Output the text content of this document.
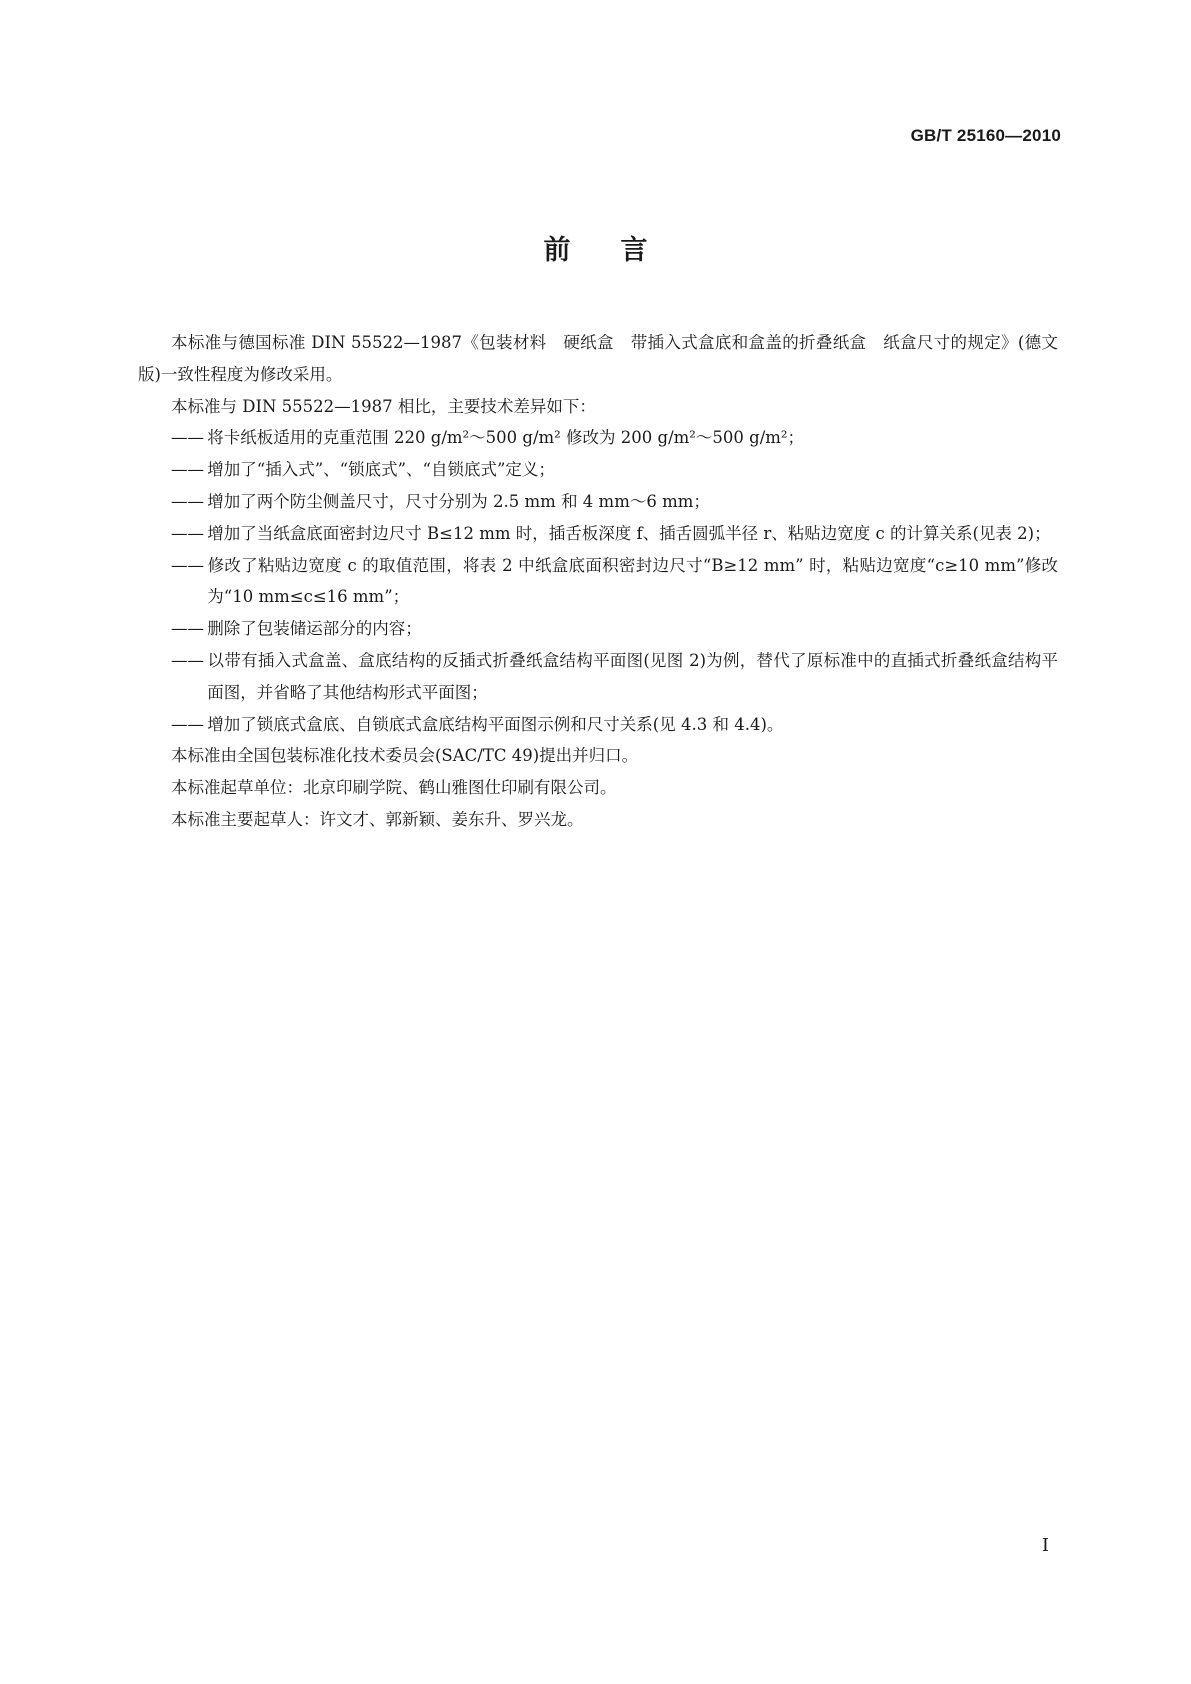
GB/T 25160—2010
前言

本标准与德国标准 DIN 55522—1987《包装材料　硬纸盒　带插入式盒底和盒盖的折叠纸盒　纸盒尺寸的规定》(德文版)一致性程度为修改采用。

本标准与 DIN 55522—1987 相比，主要技术差异如下：

—— 将卡纸板适用的克重范围 220 g/m²～500 g/m² 修改为 200 g/m²～500 g/m²；

—— 增加了“插入式”、“锁底式”、“自锁底式”定义；

—— 增加了两个防尘侧盖尺寸，尺寸分别为 2.5 mm 和 4 mm～6 mm；

—— 增加了当纸盒底面密封边尺寸 B≤12 mm 时，插舌板深度 f、插舌圆弧半径 r、粘贴边宽度 c 的计算关系(见表 2)；

—— 修改了粘贴边宽度 c 的取值范围，将表 2 中纸盒底面积密封边尺寸“B≥12 mm” 时，粘贴边宽度“c≥10 mm”修改为“10 mm≤c≤16 mm”；

—— 删除了包装储运部分的内容；

—— 以带有插入式盒盖、盒底结构的反插式折叠纸盒结构平面图(见图 2)为例，替代了原标准中的直插式折叠纸盒结构平面图，并省略了其他结构形式平面图；

—— 增加了锁底式盒底、自锁底式盒底结构平面图示例和尺寸关系(见 4.3 和 4.4)。

本标准由全国包装标准化技术委员会(SAC/TC 49)提出并归口。

本标准起草单位：北京印刷学院、鹤山雅图仕印刷有限公司。

本标准主要起草人：许文才、郭新颖、姜东升、罗兴龙。

I
